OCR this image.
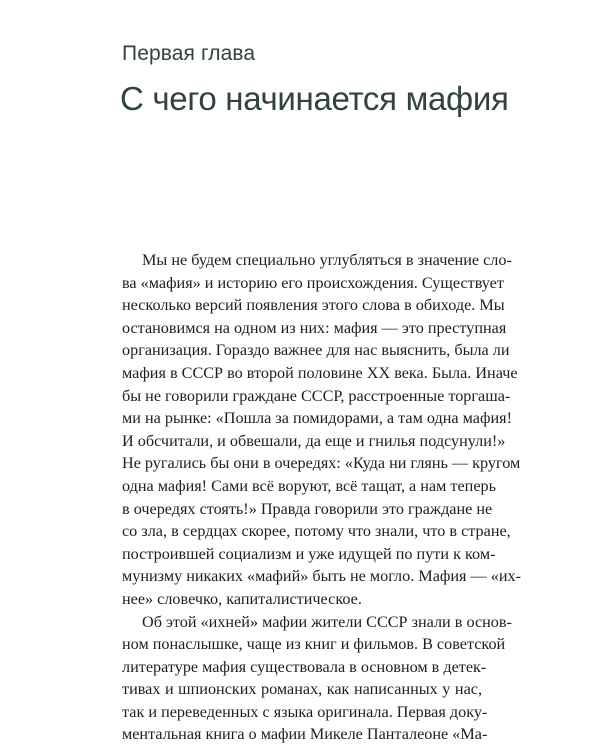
Первая глава
С чего начинается мафия
Мы не будем специально углубляться в значение сло-
ва «мафия» и историю его происхождения. Существует
несколько версий появления этого слова в обиходе. Мы
остановимся на одном из них: мафия — это преступная
организация. Гораздо важнее для нас выяснить, была ли
мафия в СССР во второй половине XX века. Была. Иначе
бы не говорили граждане СССР, расстроенные торгаша-
ми на рынке: «Пошла за помидорами, а там одна мафия!
И обсчитали, и обвешали, да еще и гнилья подсунули!»
Не ругались бы они в очередях: «Куда ни глянь — кругом
одна мафия! Сами всё воруют, всё тащат, а нам теперь
в очередях стоять!» Правда говорили это граждане не
со зла, в сердцах скорее, потому что знали, что в стране,
построившей социализм и уже идущей по пути к ком-
мунизму никаких «мафий» быть не могло. Мафия — «их-
нее» словечко, капиталистическое.
Об этой «ихней» мафии жители СССР знали в основ-
ном понаслышке, чаще из книг и фильмов. В советской
литературе мафия существовала в основном в детек-
тивах и шпионских романах, как написанных у нас,
так и переведенных с языка оригинала. Первая доку-
ментальная книга о мафии Микеле Панталеоне «Ма-
